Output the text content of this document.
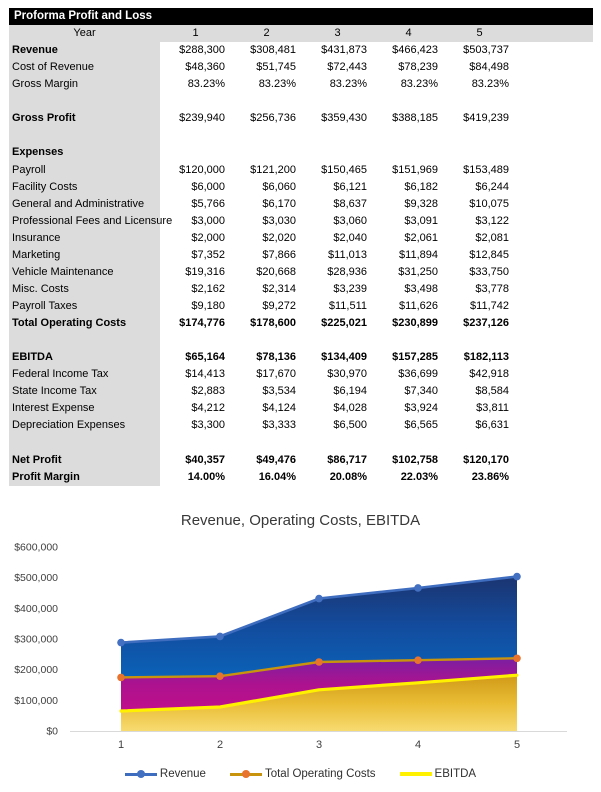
Proforma Profit and Loss
Year	1	2	3	4	5
Revenue	$288,300	$308,481	$431,873	$466,423	$503,737
Cost of Revenue	$48,360	$51,745	$72,443	$78,239	$84,498
Gross Margin	83.23%	83.23%	83.23%	83.23%	83.23%
Gross Profit	$239,940	$256,736	$359,430	$388,185	$419,239
Expenses
Payroll	$120,000	$121,200	$150,465	$151,969	$153,489
Facility Costs	$6,000	$6,060	$6,121	$6,182	$6,244
General and Administrative	$5,766	$6,170	$8,637	$9,328	$10,075
Professional Fees and Licensure	$3,000	$3,030	$3,060	$3,091	$3,122
Insurance	$2,000	$2,020	$2,040	$2,061	$2,081
Marketing	$7,352	$7,866	$11,013	$11,894	$12,845
Vehicle Maintenance	$19,316	$20,668	$28,936	$31,250	$33,750
Misc. Costs	$2,162	$2,314	$3,239	$3,498	$3,778
Payroll Taxes	$9,180	$9,272	$11,511	$11,626	$11,742
Total Operating Costs	$174,776	$178,600	$225,021	$230,899	$237,126
EBITDA	$65,164	$78,136	$134,409	$157,285	$182,113
Federal Income Tax	$14,413	$17,670	$30,970	$36,699	$42,918
State Income Tax	$2,883	$3,534	$6,194	$7,340	$8,584
Interest Expense	$4,212	$4,124	$4,028	$3,924	$3,811
Depreciation Expenses	$3,300	$3,333	$6,500	$6,565	$6,631
Net Profit	$40,357	$49,476	$86,717	$102,758	$120,170
Profit Margin	14.00%	16.04%	20.08%	22.03%	23.86%
$0
$100,000
$200,000
$300,000
$400,000
$500,000
$600,000
1	2	3	4	5
Revenue, Operating Costs, EBITDA
Revenue	Total Operating Costs	EBITDA
